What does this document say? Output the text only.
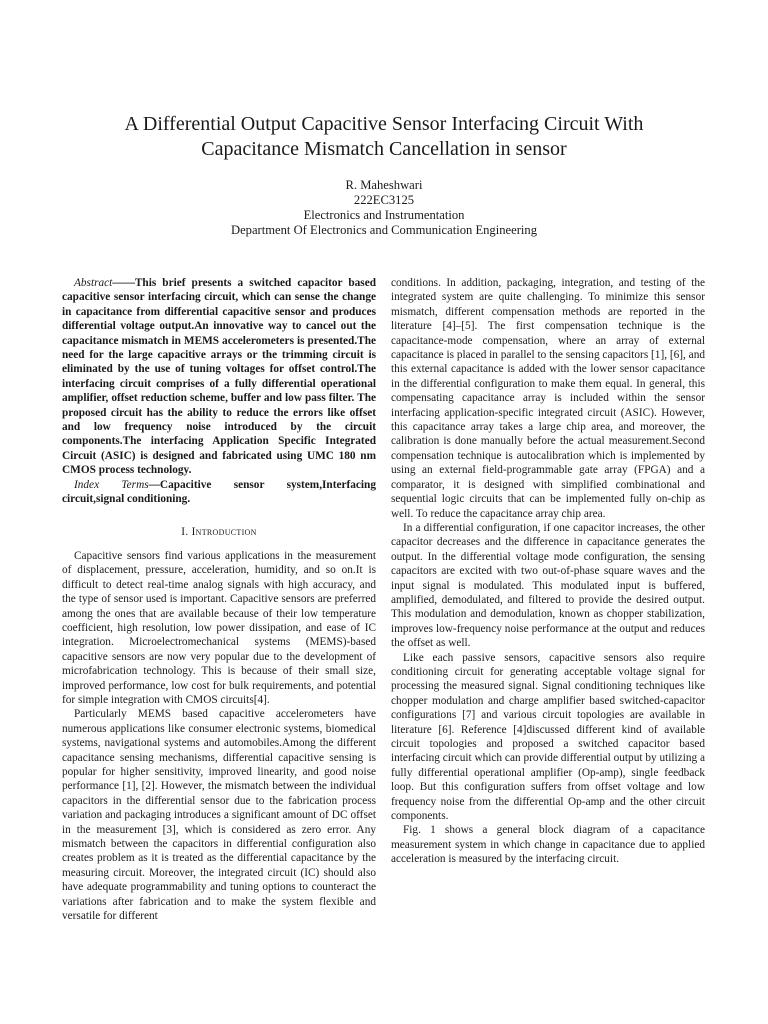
A Differential Output Capacitive Sensor Interfacing Circuit With
Capacitance Mismatch Cancellation in sensor
R. Maheshwari
222EC3125
Electronics and Instrumentation
Department Of Electronics and Communication Engineering

Abstract——This brief presents a switched capacitor based capacitive sensor interfacing circuit, which can sense the change in capacitance from differential capacitive sensor and produces differential voltage output.An innovative way to cancel out the capacitance mismatch in MEMS accelerometers is presented.The need for the large capacitive arrays or the trimming circuit is eliminated by the use of tuning voltages for offset control.The interfacing circuit comprises of a fully differential operational amplifier, offset reduction scheme, buffer and low pass filter. The proposed circuit has the ability to reduce the errors like offset and low frequency noise introduced by the circuit components.The interfacing Application Specific Integrated Circuit (ASIC) is designed and fabricated using UMC 180 nm CMOS process technology.

Index Terms—Capacitive sensor system,Interfacing circuit,signal conditioning.

I. Introduction

Capacitive sensors find various applications in the measurement of displacement, pressure, acceleration, humidity, and so on.It is difficult to detect real-time analog signals with high accuracy, and the type of sensor used is important. Capacitive sensors are preferred among the ones that are available because of their low temperature coefficient, high resolution, low power dissipation, and ease of IC integration. Microelectromechanical systems (MEMS)-based capacitive sensors are now very popular due to the development of microfabrication technology. This is because of their small size, improved performance, low cost for bulk requirements, and potential for simple integration with CMOS circuits[4].

Particularly MEMS based capacitive accelerometers have numerous applications like consumer electronic systems, biomedical systems, navigational systems and automobiles.Among the different capacitance sensing mechanisms, differential capacitive sensing is popular for higher sensitivity, improved linearity, and good noise performance [1], [2]. However, the mismatch between the individual capacitors in the differential sensor due to the fabrication process variation and packaging introduces a significant amount of DC offset in the measurement [3], which is considered as zero error. Any mismatch between the capacitors in differential configuration also creates problem as it is treated as the differential capacitance by the measuring circuit. Moreover, the integrated circuit (IC) should also have adequate programmability and tuning options to counteract the variations after fabrication and to make the system flexible and versatile for different

conditions. In addition, packaging, integration, and testing of the integrated system are quite challenging. To minimize this sensor mismatch, different compensation methods are reported in the literature [4]–[5]. The first compensation technique is the capacitance-mode compensation, where an array of external capacitance is placed in parallel to the sensing capacitors [1], [6], and this external capacitance is added with the lower sensor capacitance in the differential configuration to make them equal. In general, this compensating capacitance array is included within the sensor interfacing application-specific integrated circuit (ASIC). However, this capacitance array takes a large chip area, and moreover, the calibration is done manually before the actual measurement.Second compensation technique is autocalibration which is implemented by using an external field-programmable gate array (FPGA) and a comparator, it is designed with simplified combinational and sequential logic circuits that can be implemented fully on-chip as well. To reduce the capacitance array chip area.

In a differential configuration, if one capacitor increases, the other capacitor decreases and the difference in capacitance generates the output. In the differential voltage mode configuration, the sensing capacitors are excited with two out-of-phase square waves and the input signal is modulated. This modulated input is buffered, amplified, demodulated, and filtered to provide the desired output. This modulation and demodulation, known as chopper stabilization, improves low-frequency noise performance at the output and reduces the offset as well.

Like each passive sensors, capacitive sensors also require conditioning circuit for generating acceptable voltage signal for processing the measured signal. Signal conditioning techniques like chopper modulation and charge amplifier based switched-capacitor configurations [7] and various circuit topologies are available in literature [6]. Reference [4]discussed different kind of available circuit topologies and proposed a switched capacitor based interfacing circuit which can provide differential output by utilizing a fully differential operational amplifier (Op-amp), single feedback loop. But this configuration suffers from offset voltage and low frequency noise from the differential Op-amp and the other circuit components.

Fig. 1 shows a general block diagram of a capacitance measurement system in which change in capacitance due to applied acceleration is measured by the interfacing circuit.
